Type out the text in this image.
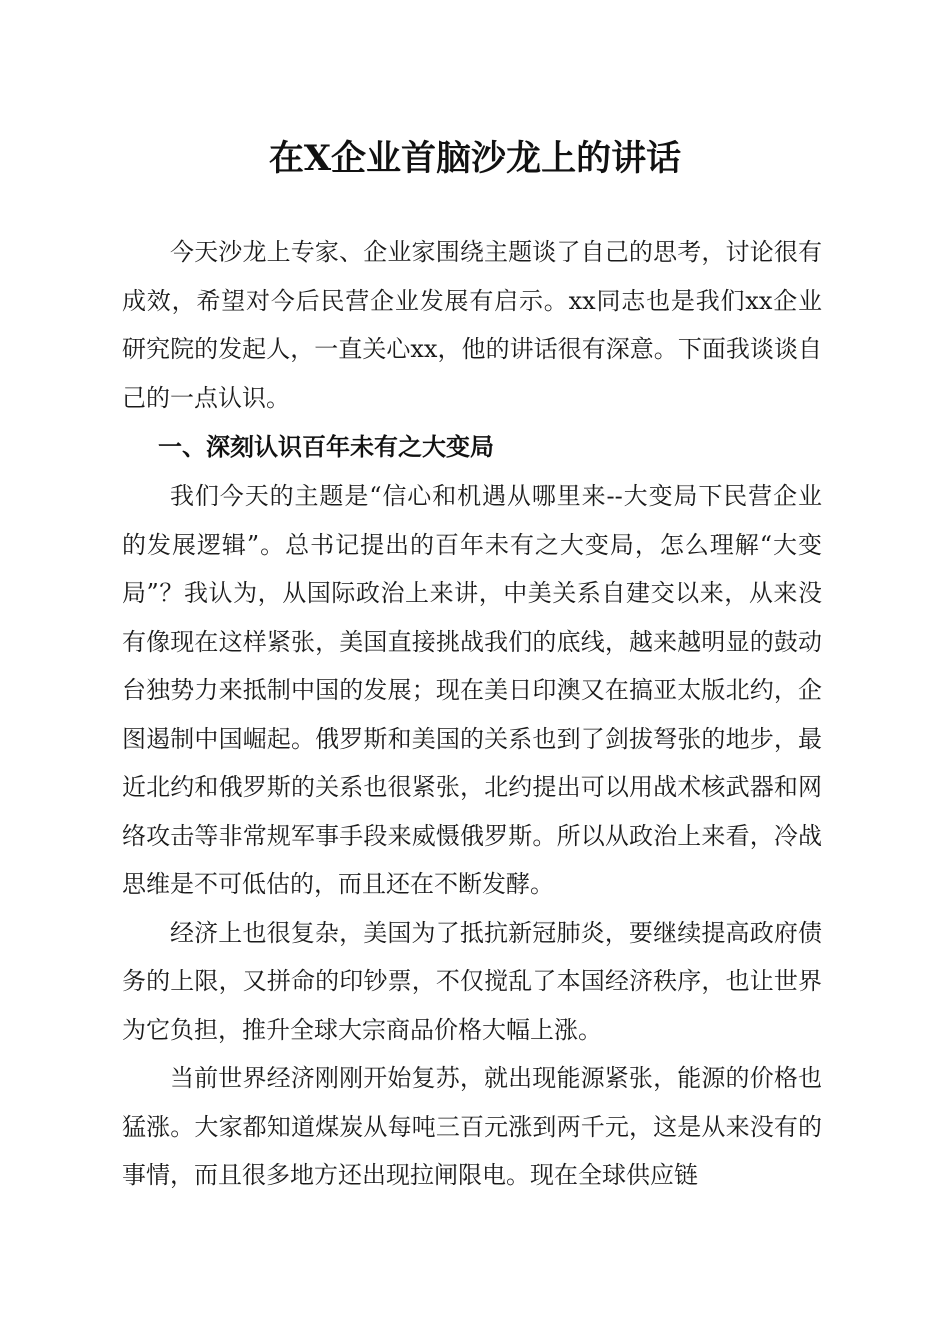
在X企业首脑沙龙上的讲话

今天沙龙上专家、企业家围绕主题谈了自己的思考，讨论很有成效，希望对今后民营企业发展有启示。xx同志也是我们xx企业研究院的发起人，一直关心xx，他的讲话很有深意。下面我谈谈自己的一点认识。

一、深刻认识百年未有之大变局

我们今天的主题是“信心和机遇从哪里来--大变局下民营企业的发展逻辑”。总书记提出的百年未有之大变局，怎么理解“大变局”？我认为，从国际政治上来讲，中美关系自建交以来，从来没有像现在这样紧张，美国直接挑战我们的底线，越来越明显的鼓动台独势力来抵制中国的发展；现在美日印澳又在搞亚太版北约，企图遏制中国崛起。俄罗斯和美国的关系也到了剑拔弩张的地步，最近北约和俄罗斯的关系也很紧张，北约提出可以用战术核武器和网络攻击等非常规军事手段来威慑俄罗斯。所以从政治上来看，冷战思维是不可低估的，而且还在不断发酵。

经济上也很复杂，美国为了抵抗新冠肺炎，要继续提高政府债务的上限，又拼命的印钞票，不仅搅乱了本国经济秩序，也让世界为它负担，推升全球大宗商品价格大幅上涨。

当前世界经济刚刚开始复苏，就出现能源紧张，能源的价格也猛涨。大家都知道煤炭从每吨三百元涨到两千元，这是从来没有的事情，而且很多地方还出现拉闸限电。现在全球供应链
